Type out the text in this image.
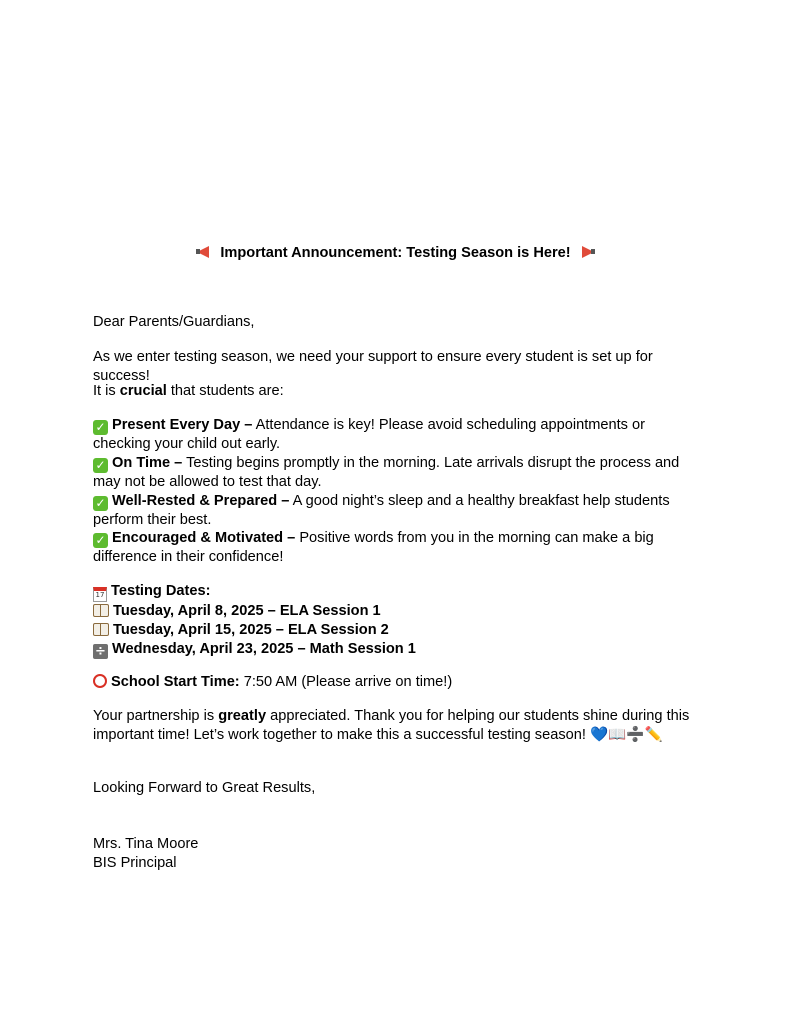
Important Announcement: Testing Season is Here!

Dear Parents/Guardians,

As we enter testing season, we need your support to ensure every student is set up for success!

It is crucial that students are:

✓ Present Every Day – Attendance is key! Please avoid scheduling appointments or checking your child out early.

✓ On Time – Testing begins promptly in the morning. Late arrivals disrupt the process and may not be allowed to test that day.

✓ Well-Rested & Prepared – A good night’s sleep and a healthy breakfast help students perform their best.

✓ Encouraged & Motivated – Positive words from you in the morning can make a big difference in their confidence!

17 Testing Dates:

Tuesday, April 8, 2025 – ELA Session 1

Tuesday, April 15, 2025 – ELA Session 2

÷ Wednesday, April 23, 2025 – Math Session 1

School Start Time: 7:50 AM (Please arrive on time!)

Your partnership is greatly appreciated. Thank you for helping our students shine during this important time! Let’s work together to make this a successful testing season! 💙📖➗✏️

Looking Forward to Great Results,

Mrs. Tina Moore

BIS Principal
